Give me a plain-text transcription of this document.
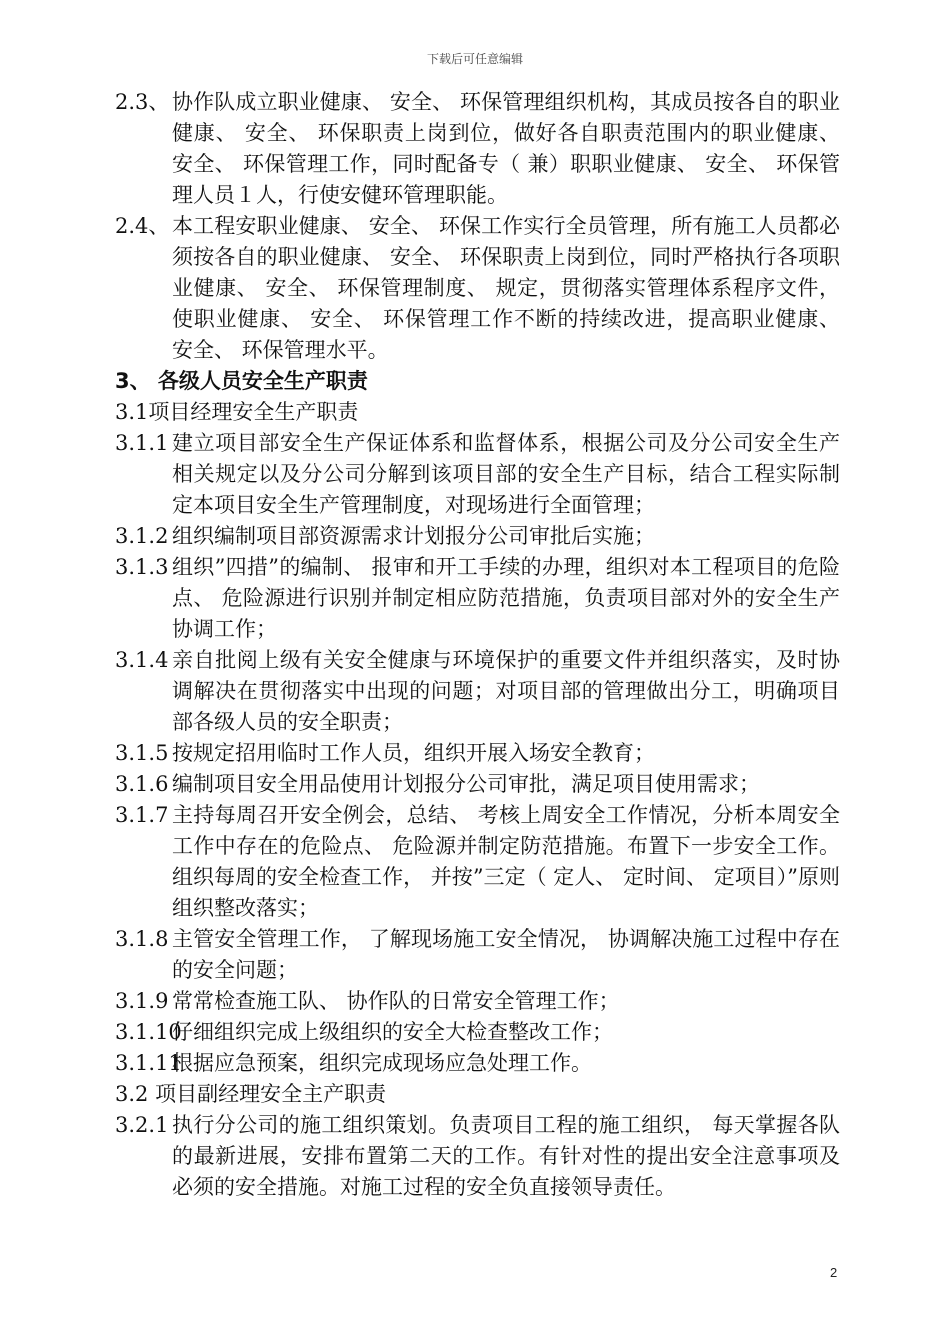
下载后可任意编辑

2.3、 协作队成立职业健康、 安全、 环保管理组织机构，其成员按各自的职业健康、 安全、 环保职责上岗到位，做好各自职责范围内的职业健康、 安全、 环保管理工作，同时配备专（ 兼）职职业健康、 安全、 环保管理人员１人，行使安健环管理职能。

2.4、 本工程安职业健康、 安全、 环保工作实行全员管理，所有施工人员都必须按各自的职业健康、 安全、 环保职责上岗到位，同时严格执行各项职业健康、 安全、 环保管理制度、 规定，贯彻落实管理体系程序文件，使职业健康、 安全、 环保管理工作不断的持续改进，提高职业健康、 安全、 环保管理水平。

3、 各级人员安全生产职责

3.1项目经理安全生产职责

3.1.1 建立项目部安全生产保证体系和监督体系，根据公司及分公司安全生产相关规定以及分公司分解到该项目部的安全生产目标，结合工程实际制定本项目安全生产管理制度，对现场进行全面管理；

3.1.2 组织编制项目部资源需求计划报分公司审批后实施；

3.1.3 组织”四措”的编制、 报审和开工手续的办理，组织对本工程项目的危险点、 危险源进行识别并制定相应防范措施，负责项目部对外的安全生产协调工作；

3.1.4 亲自批阅上级有关安全健康与环境保护的重要文件并组织落实，及时协调解决在贯彻落实中出现的问题；对项目部的管理做出分工，明确项目部各级人员的安全职责；

3.1.5 按规定招用临时工作人员，组织开展入场安全教育；

3.1.6 编制项目安全用品使用计划报分公司审批，满足项目使用需求；

3.1.7 主持每周召开安全例会，总结、 考核上周安全工作情况，分析本周安全工作中存在的危险点、 危险源并制定防范措施。布置下一步安全工作。组织每周的安全检查工作， 并按”三定（ 定人、 定时间、 定项目）”原则组织整改落实；

3.1.8 主管安全管理工作， 了解现场施工安全情况， 协调解决施工过程中存在的安全问题；

3.1.9 常常检查施工队、 协作队的日常安全管理工作；

3.1.10
仔细组织完成上级组织的安全大检查整改工作；

3.1.11
根据应急预案，组织完成现场应急处理工作。

3.2 项目副经理安全主产职责

3.2.1 执行分公司的施工组织策划。负责项目工程的施工组织， 每天掌握各队的最新进展，安排布置第二天的工作。有针对性的提出安全注意事项及必须的安全措施。对施工过程的安全负直接领导责任。

2
